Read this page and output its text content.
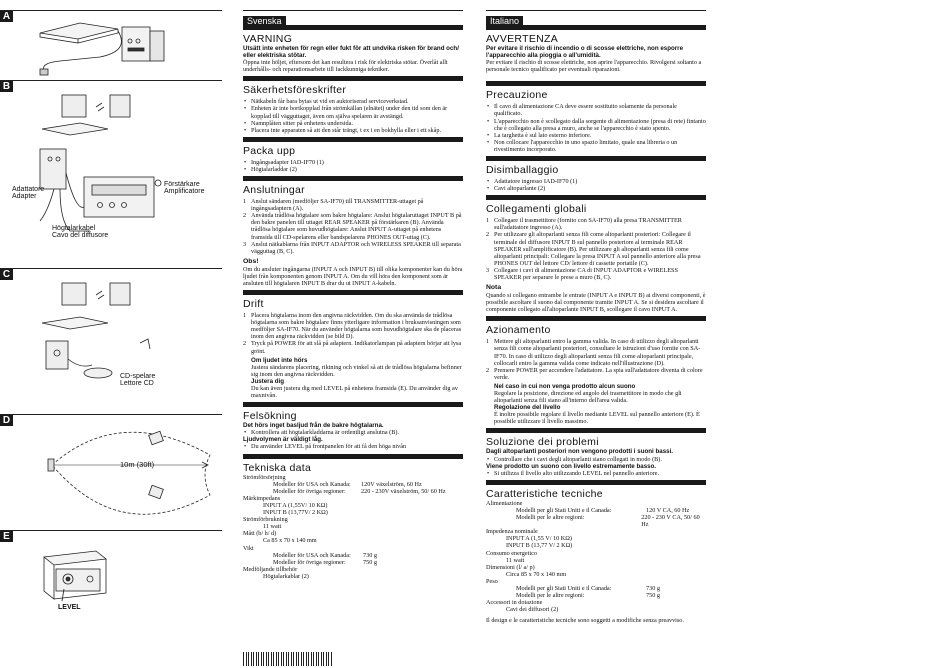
A
B
Adattatore
Adapter
Förstärkare
Amplificatore
Högtalarkabel
Cavo del diffusore
C
CD-spelare
Lettore CD
D
10m (30ft)
E
LEVEL
Svenska
VARNING

Utsätt inte enheten för regn eller fukt för att undvika risken för brand och/ eller elektriska stötar.

Öppna inte höljet, eftersom det kan resultera i risk för elektriska stötar. Överlåt allt underhålls- och reparationsarbete till fackkunniga tekniker.

Säkerhetsföreskrifter
• Nätkabeln får bara bytas ut vid en auktoriserad serviceverkstad.
• Enheten är inte bortkopplad från strömkällan (elnätet) under den tid som den är kopplad till vägguttaget, även om själva spelaren är avstängd.
• Namnplåten sitter på enhetens undersida.
• Placera inte apparaten så att den står trängt, t ex i en bokhylla eller i ett skåp.
Packa upp
• Ingångsadapter IAD-IF70 (1)
• Högtalarladdar (2)
Anslutningar
1 Anslut sändaren (medföljer SA-IF70) till TRANSMITTER-uttaget på ingångsadaptern (A).
2 Använda trådlösa högtalare som bakre högtalare: Anslut högtalaruttaget INPUT B på den bakre panelen till uttaget REAR SPEAKER på förstärkaren (B). Använda trådlösa högtalare som huvudhögtalare: Anslut INPUT A-uttaget på enhetens framsida till CD-spelarens eller bandspelarens PHONES OUT-uttag (C).
3 Anslut nätkablarna från INPUT ADAPTOR och WIRELESS SPEAKER till separata vägguttag (B, C).
Obs!

Om du ansluter ingångarna (INPUT A och INPUT B) till olika komponenter kan du höra ljudet från komponenten genom INPUT A. Om du vill höra den komponent som är ansluten till högtalaren INPUT B drar du ut INPUT A-kabeln.

Drift
1 Placera högtalarna inom den angivna räckvidden. Om du ska använda de trådlösa högtalarna som bakre högtalare finns ytterligare information i bruksanvisningen som medföljer SA-IF70. När du använder högtalarna som huvudhögtalare ska de placeras inom den angivna räckvidden (se bild D).
2 Tryck på POWER för att slå på adaptern. Indikatorlampan på adaptern börjar att lysa grönt.
Om ljudet inte hörs

Justera sändarens placering, riktning och vinkel så att de trådlösa högtalarna befinner sig inom den angivna räckvidden.

Justera dig

Du kan även justera dig med LEVEL på enhetens framsida (E). Du använder dig av maxnivån.

Felsökning

Det hörs inget basljud från de bakre högtalarna.

• Kontrollera att högtalarkladdarna är ordentligt anslutna (B).

Ljudvolymen är väldigt låg.

• Du använder LEVEL på frontpanelen för att få den höga nivån
Tekniska data
Strömförsörjning
Modeller för USA och Kanada:	120V växelström, 60 Hz
Modeller för övriga regioner:	220 - 230V växelström, 50/ 60 Hz
Märkimpedans
INPUT A (1,55V/ 10 KΩ)
INPUT B (13,77V/ 2 KΩ)
Strömförbrukning
11 watt
Mått (b/ h/ d)
Ca 85 x 70 x 140 mm
Vikt
Modeller för USA och Kanada:	730 g
Modeller för övriga regioner:	750 g
Medföljande tillbehör
Högtalarkablar (2)
Italiano
AVVERTENZA

Per evitare il rischio di incendio o di scosse elettriche, non esporre l'apparecchio alla pioggia o all'umidità.

Per evitare il rischio di scosse elettriche, non aprire l'apparecchio. Rivolgersi soltanto a personale tecnico qualificato per eventuali riparazioni.

Precauzione
• Il cavo di alimentazione CA deve essere sostituito solamente da personale qualificato.
• L'apparecchio non è scollegato dalla sorgente di alimentazione (presa di rete) fintanto che è collegato alla presa a muro, anche se l'apparecchio è stato spento.
• La targhetta è sul lato esterno inferiore.
• Non collocare l'apparecchio in uno spazio limitato, quale una libreria o un rivestimento incorporato.
Disimballaggio
• Adattatore ingresso IAD-IF70 (1)
• Cavi altoparlante (2)
Collegamenti globali
1 Collegare il trasmettitore (fornito con SA-IF70) alla presa TRANSMITTER sull'adattatore ingresso (A).
2 Per utilizzare gli altoparlanti senza fili come altoparlanti posteriori: Collegare il terminale del diffusore INPUT B sul pannello posteriore al terminale REAR SPEAKER sull'amplificatore (B). Per utilizzare gli altoparlanti senza fili come altoparlanti principali: Collegare la presa INPUT A sul pannello anteriore alla presa PHONES OUT del lettore CD/ lettore di cassette portatile (C).
3 Collegare i cavi di alimentazione CA di INPUT ADAPTOR e WIRELESS SPEAKER per separare le prese a muro (B, C).
Nota

Quando si collegano entrambe le entrate (INPUT A e INPUT B) ai diversi componenti, è possibile ascoltare il suono dal componente tramite INPUT A. Se si desidera ascoltare il componente collegato all'altoparlante INPUT B, scollegare il cavo INPUT A.

Azionamento
1 Mettere gli altoparlanti entro la gamma valida. In caso di utilizzo degli altoparlanti senza fili come altoparlanti posteriori, consultare le istruzioni d'uso fornite con SA-IF70. In caso di utilizzo degli altoparlanti senza fili come altoparlanti principale, collocarli entro la gamma valida come indicato nell'illustrazione (D).
2 Premere POWER per accendere l'adattatore. La spia sull'adattatore diventa di colore verde.
Nel caso in cui non venga prodotto alcun suono

Regolare la posizione, direzione ed angolo del trasmettitore in modo che gli altoparlanti senza fili siano all'interno dell'area valida.

Regolazione del livello

È inoltre possibile regolare il livello mediante LEVEL sul pannello anteriore (E). È possibile utilizzare il livello massimo.

Soluzione dei problemi

Dagli altoparlanti posteriori non vengono prodotti i suoni bassi.

• Controllare che i cavi degli altoparlanti siano collegati in modo (B).

Viene prodotto un suono con livello estremamente basso.

• Si utilizza il livello alto utilizzando LEVEL nel pannello anteriore.
Caratteristiche tecniche
Alimentazione
Modelli per gli Stati Uniti e il Canada:	120 V CA, 60 Hz
Modelli per le altre regioni:	220 - 230 V CA, 50/ 60 Hz
Impedenza nominale
INPUT A (1,55 V/ 10 KΩ)
INPUT B (13,77 V/ 2 KΩ)
Consumo energetico
11 watt
Dimensioni (l/ a/ p)
Circa 85 x 70 x 140 mm
Peso
Modelli per gli Stati Uniti e il Canada:	730 g
Modelli per le altre regioni:	750 g
Accessori in dotazione
Cavi dei diffusori (2)
Il design e le caratteristiche tecniche sono soggetti a modifiche senza preavviso.
